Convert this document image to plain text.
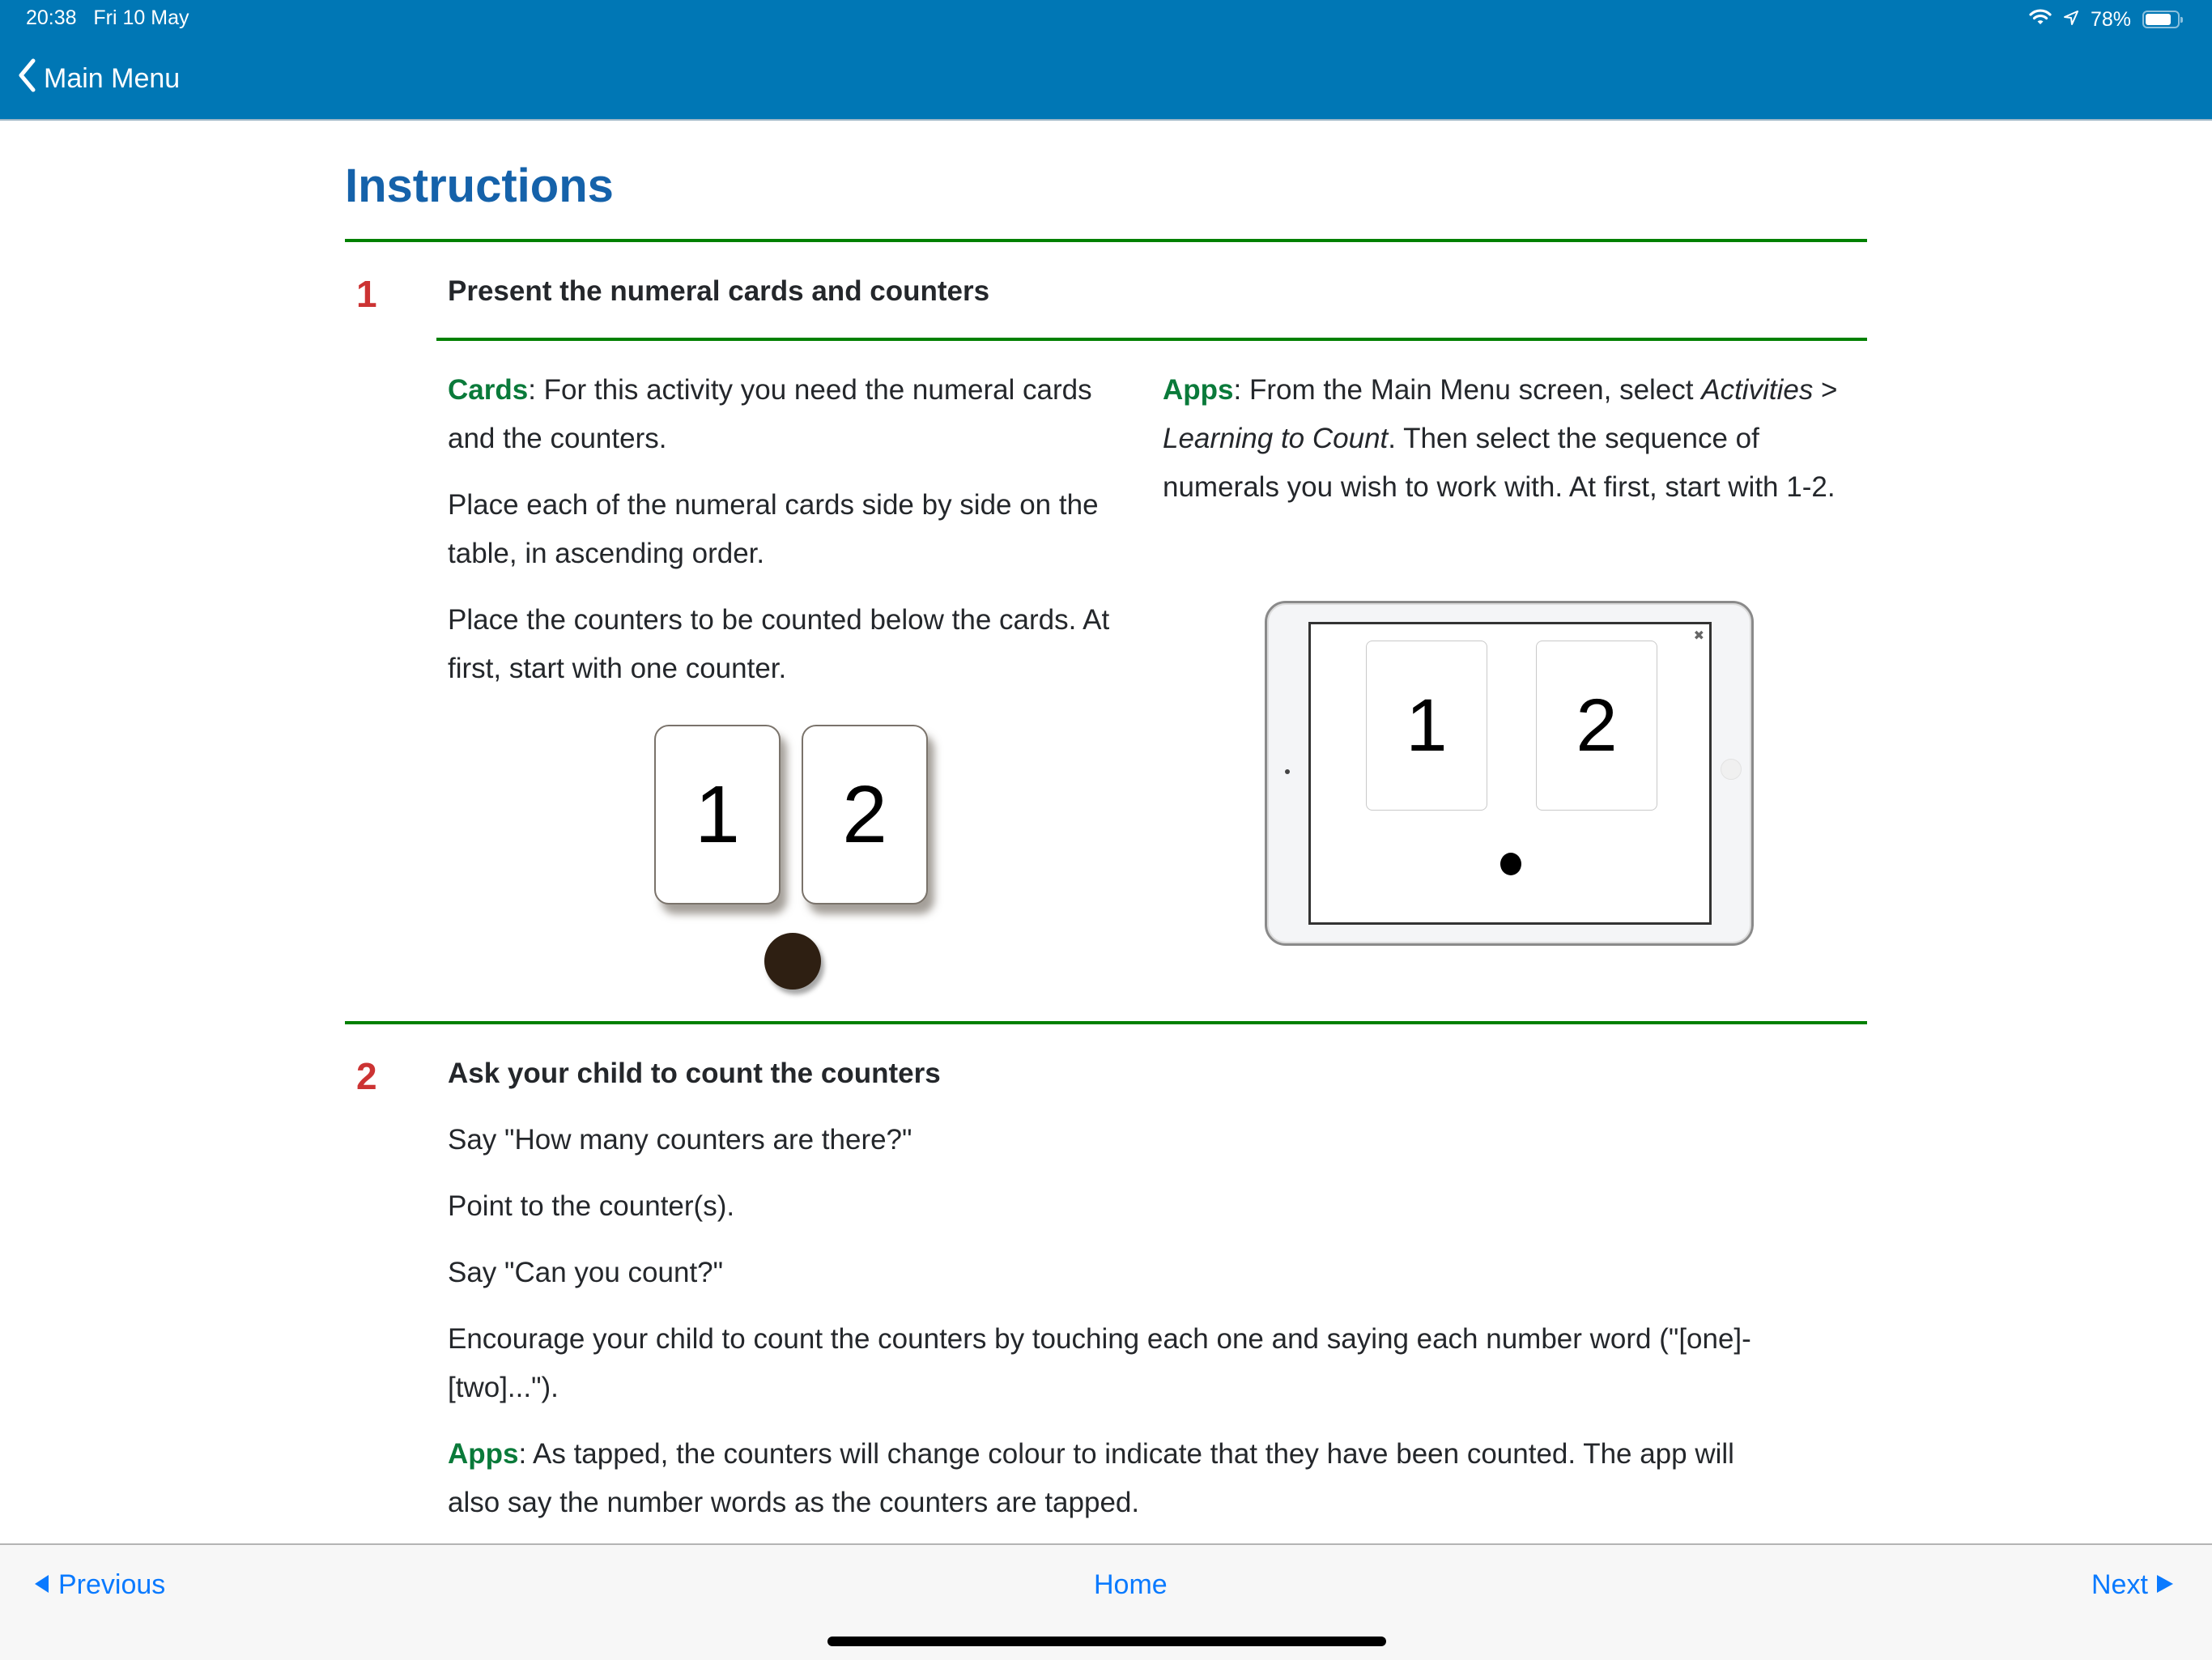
20:38 Fri 10 May	78%
Main Menu
Instructions
1 Present the numeral cards and counters

Cards: For this activity you need the numeral cards and the counters.

Place each of the numeral cards side by side on the table, in ascending order.

Place the counters to be counted below the cards. At first, start with one counter.

Apps: From the Main Menu screen, select Activities > Learning to Count. Then select the sequence of numerals you wish to work with. At first, start with 1-2.

1 2
✖
1 2
2 Ask your child to count the counters

Say "How many counters are there?"

Point to the counter(s).

Say "Can you count?"

Encourage your child to count the counters by touching each one and saying each number word ("[one]-[two]...").

Apps: As tapped, the counters will change colour to indicate that they have been counted. The app will also say the number words as the counters are tapped.

Previous	Home	Next
